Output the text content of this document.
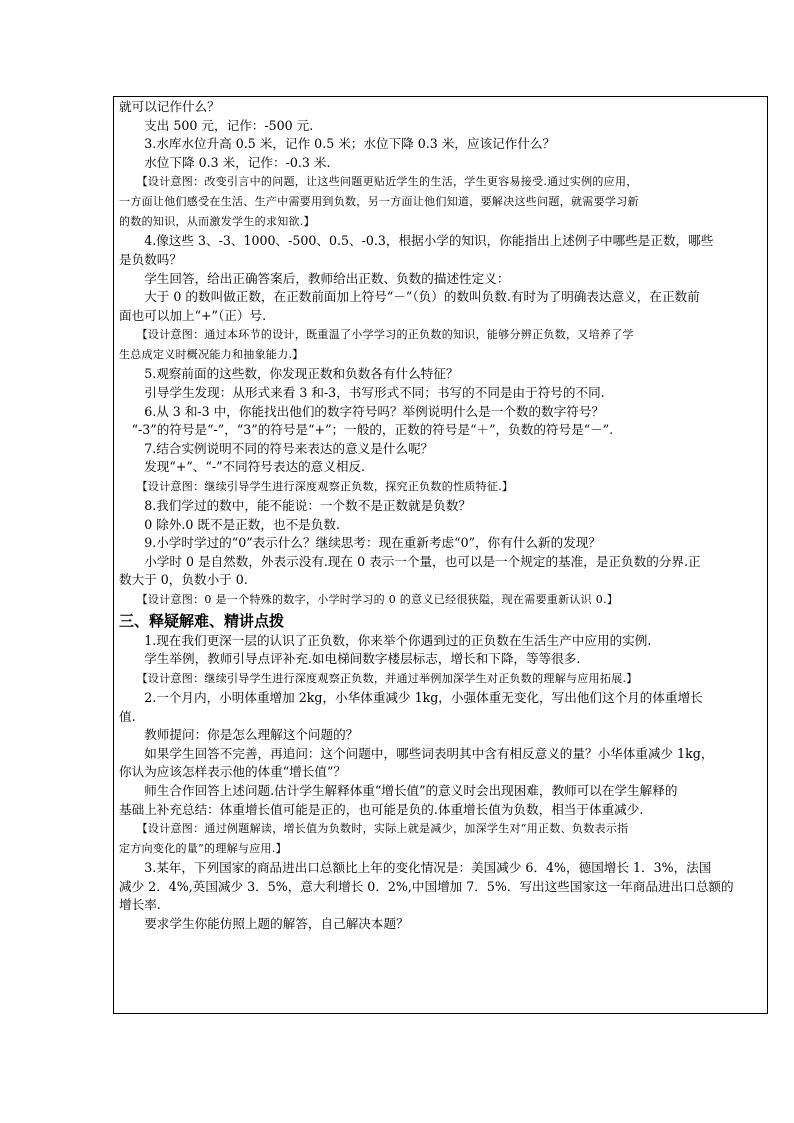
就可以记作什么？

支出 500 元，记作：-500 元.

3.水库水位升高 0.5 米，记作 0.5 米；水位下降 0.3 米，应该记作什么？

水位下降 0.3 米，记作：-0.3 米.

【设计意图：改变引言中的问题，让这些问题更贴近学生的生活，学生更容易接受.通过实例的应用，

一方面让他们感受在生活、生产中需要用到负数，另一方面让他们知道，要解决这些问题，就需要学习新

的数的知识，从而激发学生的求知欲.】

4.像这些 3、-3、1000、-500、0.5、-0.3，根据小学的知识，你能指出上述例子中哪些是正数，哪些

是负数吗？

学生回答，给出正确答案后，教师给出正数、负数的描述性定义：

大于 0 的数叫做正数，在正数前面加上符号“－”（负）的数叫负数.有时为了明确表达意义，在正数前

面也可以加上“+”（正）号.

【设计意图：通过本环节的设计，既重温了小学学习的正负数的知识，能够分辨正负数，又培养了学

生总成定义时概况能力和抽象能力.】

5.观察前面的这些数，你发现正数和负数各有什么特征？

引导学生发现：从形式来看 3 和-3，书写形式不同；书写的不同是由于符号的不同.

6.从 3 和-3 中，你能找出他们的数字符号吗？举例说明什么是一个数的数字符号？

“-3”的符号是“-”，“3”的符号是“+”；一般的，正数的符号是“＋”，负数的符号是“－”.

7.结合实例说明不同的符号来表达的意义是什么呢？

发现“+”、“-”不同符号表达的意义相反.

【设计意图：继续引导学生进行深度观察正负数，探究正负数的性质特征.】

8.我们学过的数中，能不能说：一个数不是正数就是负数？

0 除外.0 既不是正数，也不是负数.

9.小学时学过的“0”表示什么？继续思考：现在重新考虑“0”，你有什么新的发现？

小学时 0 是自然数，外表示没有.现在 0 表示一个量，也可以是一个规定的基准，是正负数的分界.正

数大于 0，负数小于 0.

【设计意图：0 是一个特殊的数字，小学时学习的 0 的意义已经很狭隘，现在需要重新认识 0.】

三、释疑解难、精讲点拨

1.现在我们更深一层的认识了正负数，你来举个你遇到过的正负数在生活生产中应用的实例.

学生举例，教师引导点评补充.如电梯间数字楼层标志，增长和下降，等等很多.

【设计意图：继续引导学生进行深度观察正负数，并通过举例加深学生对正负数的理解与应用拓展.】

2.一个月内，小明体重增加 2kg，小华体重减少 1kg，小强体重无变化，写出他们这个月的体重增长

值.

教师提问：你是怎么理解这个问题的？

如果学生回答不完善，再追问：这个问题中，哪些词表明其中含有相反意义的量？小华体重减少 1kg，

你认为应该怎样表示他的体重“增长值”？

师生合作回答上述问题.估计学生解释体重“增长值”的意义时会出现困难，教师可以在学生解释的

基础上补充总结：体重增长值可能是正的，也可能是负的.体重增长值为负数，相当于体重减少.

【设计意图：通过例题解读，增长值为负数时，实际上就是减少，加深学生对“用正数、负数表示指

定方向变化的量”的理解与应用.】

3.某年，下列国家的商品进出口总额比上年的变化情况是：美国减少 6．4%，德国增长 1．3%，法国

减少 2．4%,英国减少 3．5%，意大利增长 0．2%,中国增加 7．5%．写出这些国家这一年商品进出口总额的

增长率.

要求学生你能仿照上题的解答，自己解决本题？
